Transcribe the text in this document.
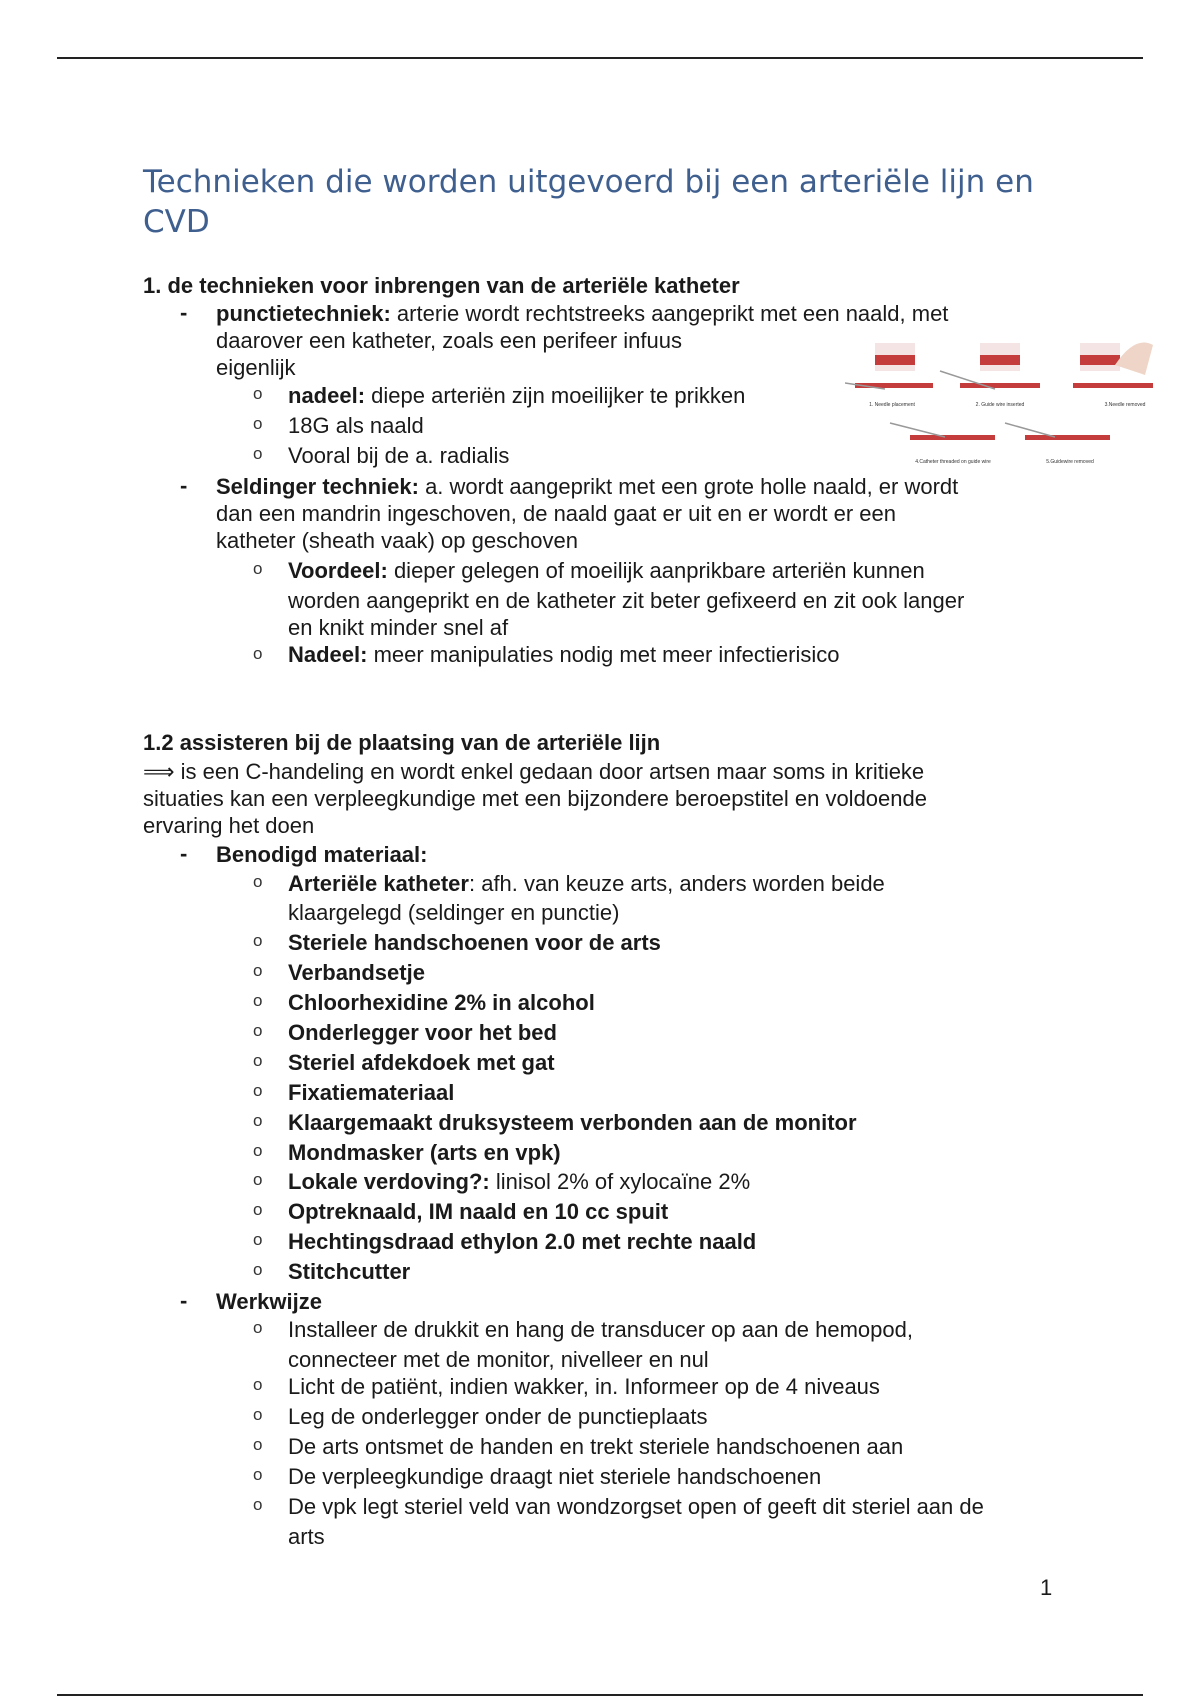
Technieken die worden uitgevoerd bij een arteriële lijn en CVD
1. de technieken voor inbrengen van de arteriële katheter
- punctietechniek: arterie wordt rechtstreeks aangeprikt met een naald, met
daarover een katheter, zoals een perifeer infuus
eigenlijk
o nadeel: diepe arteriën zijn moeilijker te prikken
o 18G als naald
o Vooral bij de a. radialis
- Seldinger techniek: a. wordt aangeprikt met een grote holle naald, er wordt
dan een mandrin ingeschoven, de naald gaat er uit en er wordt er een
katheter (sheath vaak) op geschoven
o Voordeel: dieper gelegen of moeilijk aanprikbare arteriën kunnen
worden aangeprikt en de katheter zit beter gefixeerd en zit ook langer
en knikt minder snel af
o Nadeel: meer manipulaties nodig met meer infectierisico
1. Needle placement	2. Guide wire inserted	3.Needle removed
4.Catheter threaded on guide wire	5.Guidewire removed
1.2 assisteren bij de plaatsing van de arteriële lijn
⟹ is een C-handeling en wordt enkel gedaan door artsen maar soms in kritieke
situaties kan een verpleegkundige met een bijzondere beroepstitel en voldoende
ervaring het doen
- Benodigd materiaal:
o Arteriële katheter: afh. van keuze arts, anders worden beide
klaargelegd (seldinger en punctie)
o Steriele handschoenen voor de arts
o Verbandsetje
o Chloorhexidine 2% in alcohol
o Onderlegger voor het bed
o Steriel afdekdoek met gat
o Fixatiemateriaal
o Klaargemaakt druksysteem verbonden aan de monitor
o Mondmasker (arts en vpk)
o Lokale verdoving?: linisol 2% of xylocaïne 2%
o Optreknaald, IM naald en 10 cc spuit
o Hechtingsdraad ethylon 2.0 met rechte naald
o Stitchcutter
- Werkwijze
o Installeer de drukkit en hang de transducer op aan de hemopod,
connecteer met de monitor, nivelleer en nul
o Licht de patiënt, indien wakker, in. Informeer op de 4 niveaus
o Leg de onderlegger onder de punctieplaats
o De arts ontsmet de handen en trekt steriele handschoenen aan
o De verpleegkundige draagt niet steriele handschoenen
o De vpk legt steriel veld van wondzorgset open of geeft dit steriel aan de
arts
1
